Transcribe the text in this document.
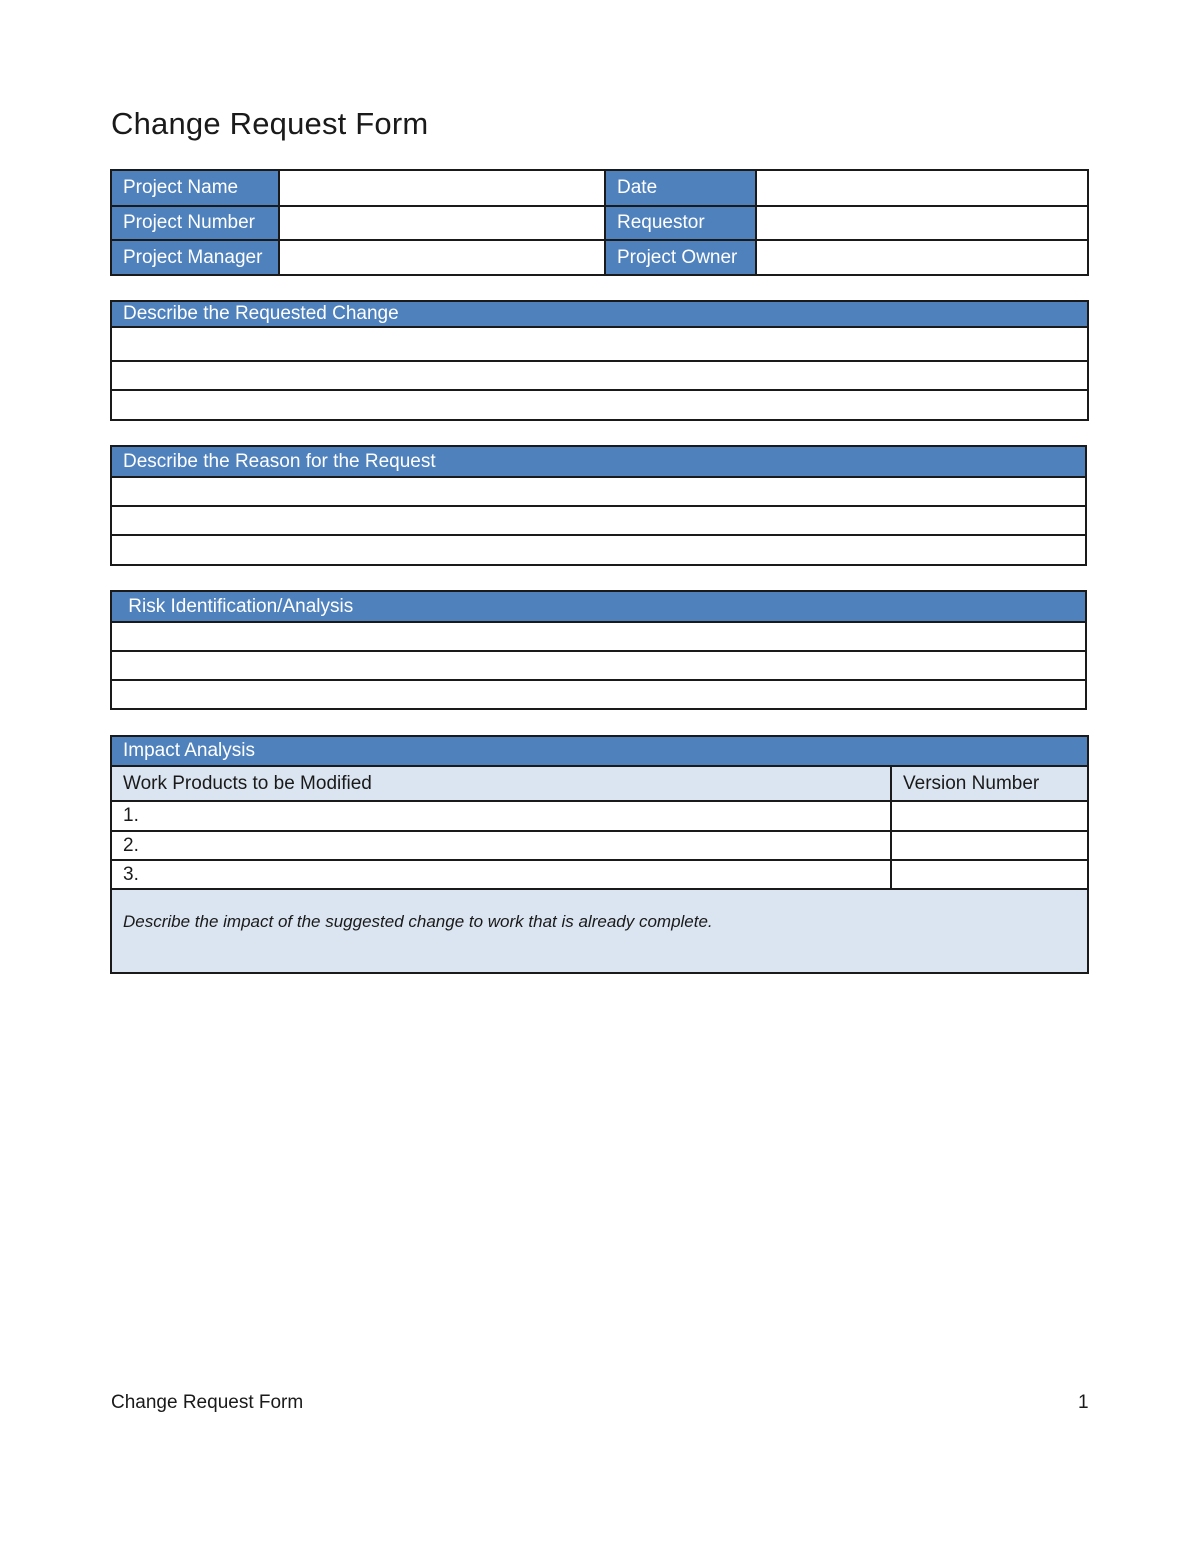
Change Request Form
Project Name		Date	
Project Number		Requestor	
Project Manager		Project Owner	
Describe the Requested Change

Describe the Reason for the Request

Risk Identification/Analysis

Impact Analysis	
Work Products to be Modified	Version Number
1.	
2.	
3.	
Describe the impact of the suggested change to work that is already complete.	
Change Request Form	1
